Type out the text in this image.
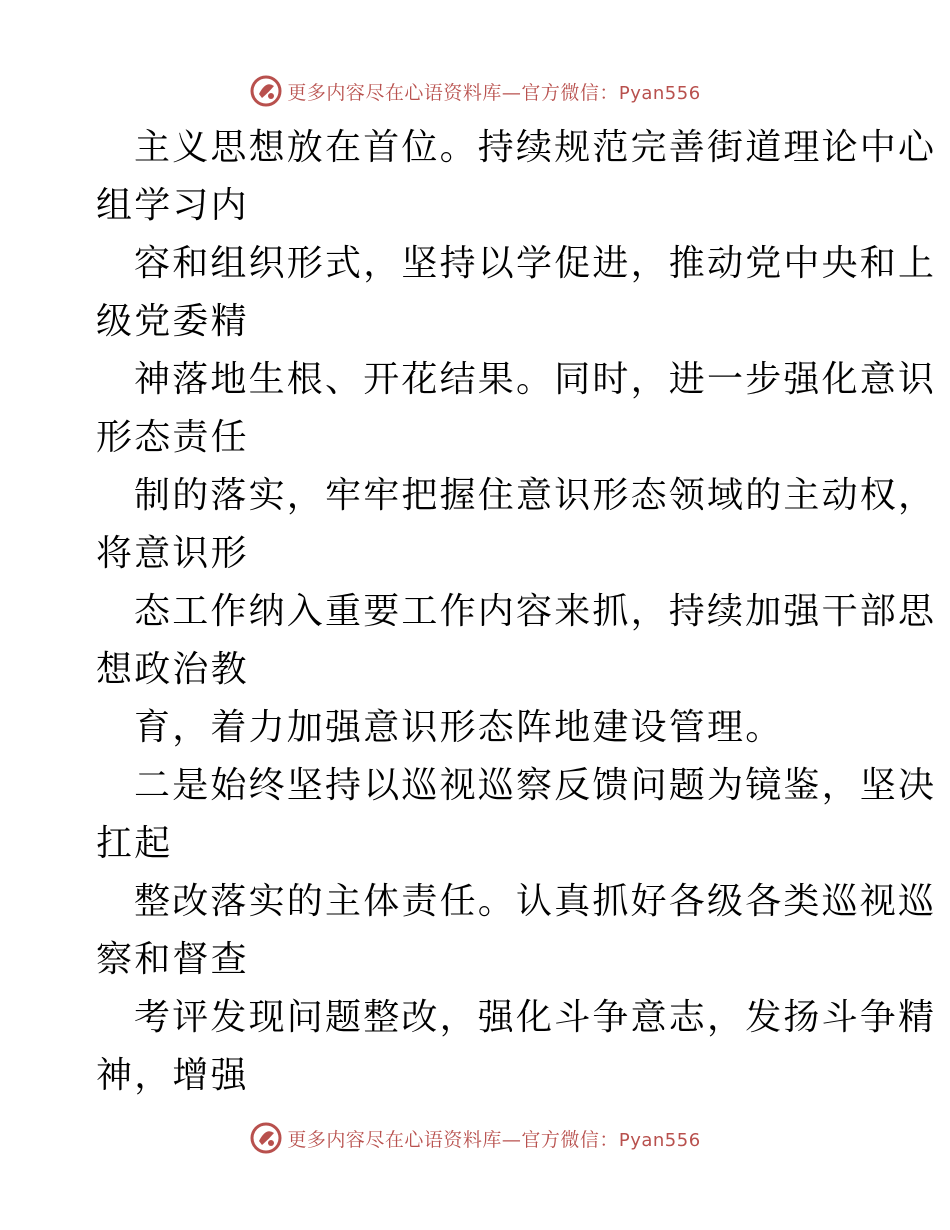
更多内容尽在心语资料库—官方微信：Pyan556
主义思想放在首位。持续规范完善街道理论中心
组学习内
容和组织形式，坚持以学促进，推动党中央和上
级党委精
神落地生根、开花结果。同时，进一步强化意识
形态责任
制的落实，牢牢把握住意识形态领域的主动权，
将意识形
态工作纳入重要工作内容来抓，持续加强干部思
想政治教
育，着力加强意识形态阵地建设管理。
二是始终坚持以巡视巡察反馈问题为镜鉴，坚决
扛起
整改落实的主体责任。认真抓好各级各类巡视巡
察和督查
考评发现问题整改，强化斗争意志，发扬斗争精
神，增强
更多内容尽在心语资料库—官方微信：Pyan556
